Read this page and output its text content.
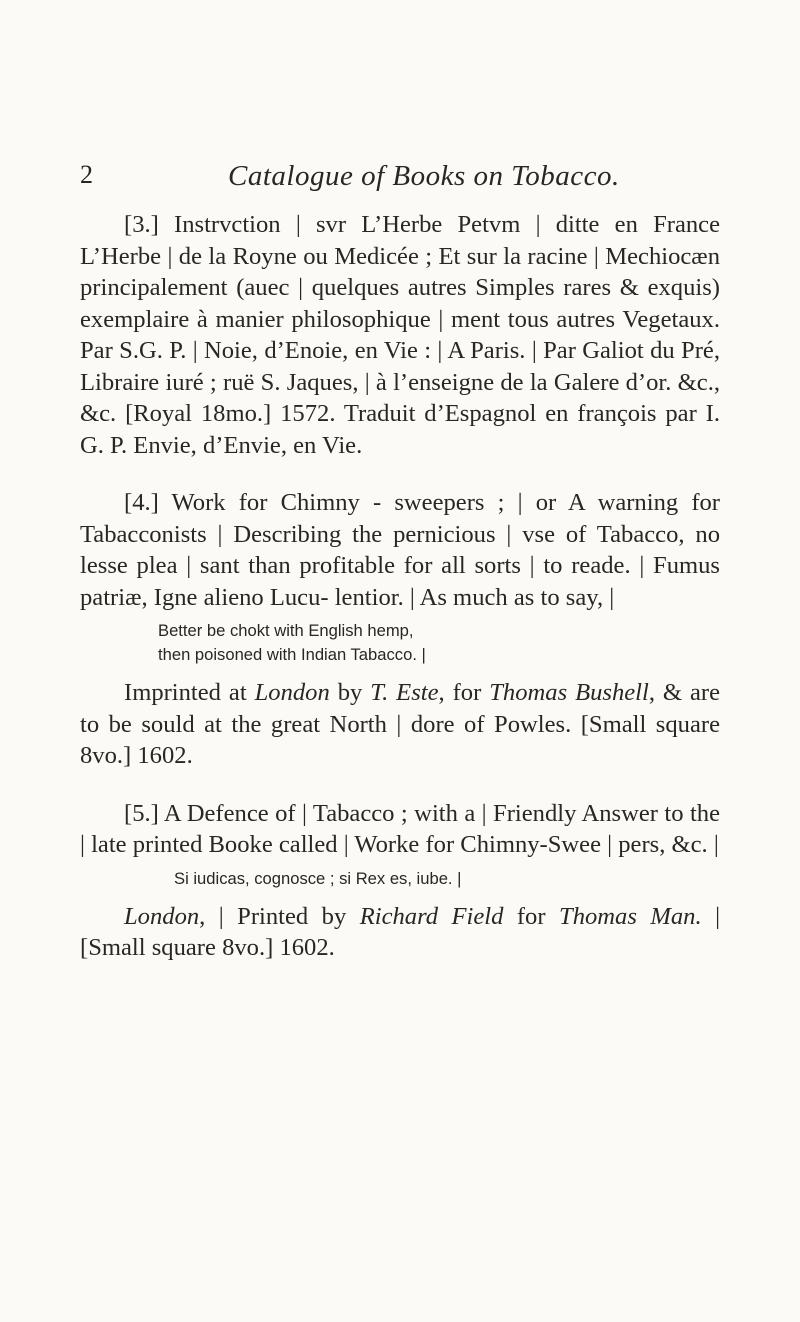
2	Catalogue of Books on Tobacco.

[3.] Instrvction | svr L’Herbe Petvm | ditte en France L’Herbe | de la Royne ou Medicée ; Et sur la racine | Mechiocæn principalement (auec | quelques autres Simples rares & exquis) exemplaire à manier philosophique | ment tous autres Vegetaux. Par S.G. P. | Noie, d’Enoie, en Vie : | A Paris. | Par Galiot du Pré, Libraire iuré ; ruë S. Jaques, | à l’enseigne de la Galere d’or. &c., &c. [Royal 18mo.] 1572. Traduit d’Espagnol en françois par I. G. P. Envie, d’Envie, en Vie.

[4.] Work for Chimny - sweepers ; | or A warning for Tabacconists | Describing the pernicious | vse of Tabacco, no lesse plea | sant than profitable for all sorts | to reade. | Fumus patriæ, Igne alieno Lucu- lentior. | As much as to say, |

Better be chokt with English hemp,
then poisoned with Indian Tabacco. |

Imprinted at London by T. Este, for Thomas Bushell, & are to be sould at the great North | dore of Powles. [Small square 8vo.] 1602.

[5.] A Defence of | Tabacco ; with a | Friendly Answer to the | late printed Booke called | Worke for Chimny-Swee | pers, &c. |

Si iudicas, cognosce ; si Rex es, iube. |

London, | Printed by Richard Field for Thomas Man. | [Small square 8vo.] 1602.
